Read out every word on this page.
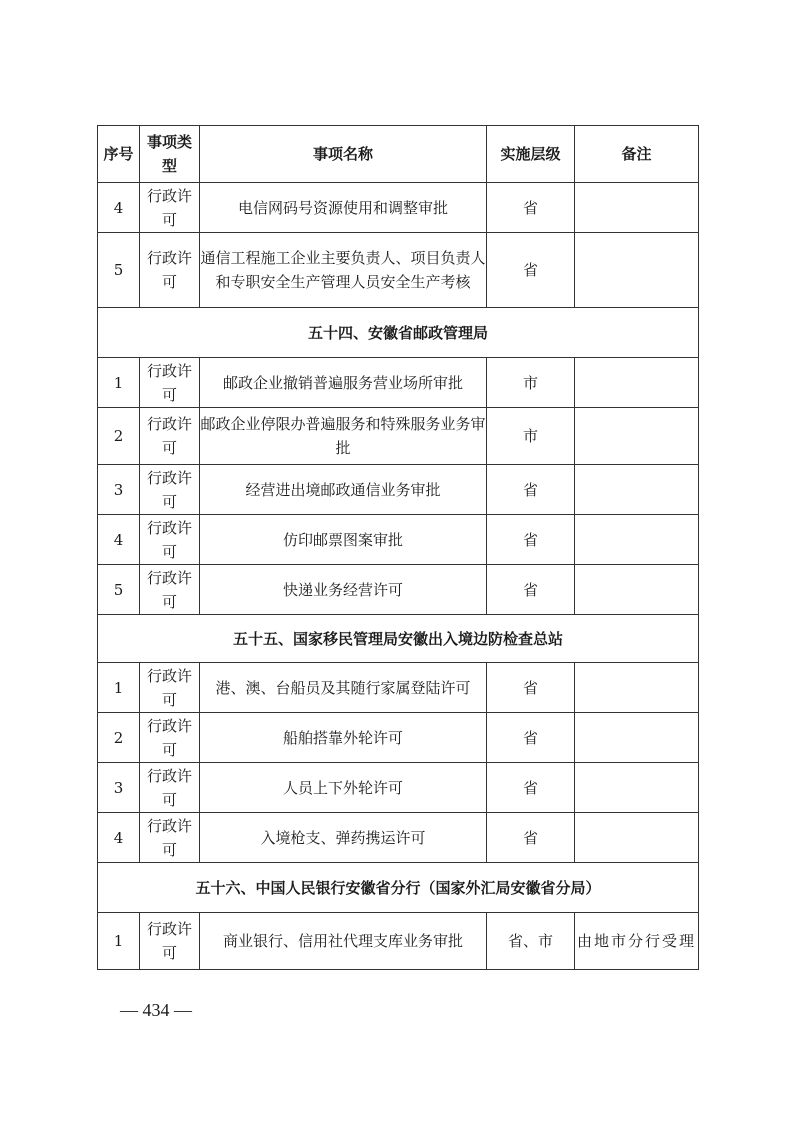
序号	事项类型	事项名称	实施层级	备注
4	行政许可	电信网码号资源使用和调整审批	省	
5	行政许可	通信工程施工企业主要负责人、项目负责人和专职安全生产管理人员安全生产考核	省	
五十四、安徽省邮政管理局				
1	行政许可	邮政企业撤销普遍服务营业场所审批	市	
2	行政许可	邮政企业停限办普遍服务和特殊服务业务审批	市	
3	行政许可	经营进出境邮政通信业务审批	省	
4	行政许可	仿印邮票图案审批	省	
5	行政许可	快递业务经营许可	省	
五十五、国家移民管理局安徽出入境边防检查总站				
1	行政许可	港、澳、台船员及其随行家属登陆许可	省	
2	行政许可	船舶搭靠外轮许可	省	
3	行政许可	人员上下外轮许可	省	
4	行政许可	入境枪支、弹药携运许可	省	
五十六、中国人民银行安徽省分行（国家外汇局安徽省分局）				
1	行政许可	商业银行、信用社代理支库业务审批	省、市	由地市分行受理
— 434 —
